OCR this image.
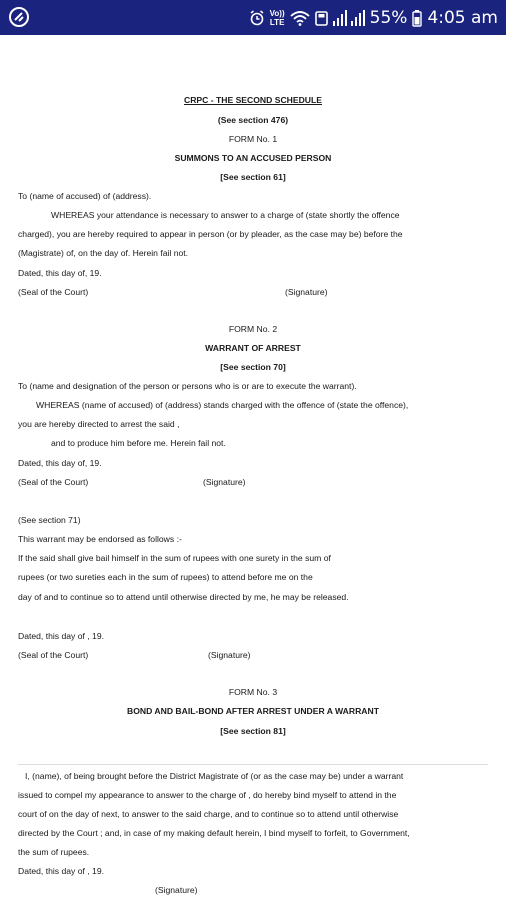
Vo))
LTE	55% 4:05 am
CRPC - THE SECOND SCHEDULE
(See section 476)
FORM No. 1
SUMMONS TO AN ACCUSED PERSON
[See section 61]
To (name of accused) of (address).
WHEREAS your attendance is necessary to answer to a charge of (state shortly the offence
charged), you are hereby required to appear in person (or by pleader, as the case may be) before the
(Magistrate) of, on the day of. Herein fail not.
Dated, this day of, 19.
(Seal of the Court)	(Signature)
FORM No. 2
WARRANT OF ARREST
[See section 70]
To (name and designation of the person or persons who is or are to execute the warrant).
WHEREAS (name of accused) of (address) stands charged with the offence of (state the offence),
you are hereby directed to arrest the said ,
and to produce him before me. Herein fail not.
Dated, this day of, 19.
(Seal of the Court)	(Signature)
(See section 71)
This warrant may be endorsed as follows :-
If the said shall give bail himself in the sum of rupees with one surety in the sum of
rupees (or two sureties each in the sum of rupees) to attend before me on the
day of and to continue so to attend until otherwise directed by me, he may be released.
Dated, this day of , 19.
(Seal of the Court)	(Signature)
FORM No. 3
BOND AND BAIL-BOND AFTER ARREST UNDER A WARRANT
[See section 81]
I, (name), of being brought before the District Magistrate of (or as the case may be) under a warrant
issued to compel my appearance to answer to the charge of , do hereby bind myself to attend in the
court of on the day of next, to answer to the said charge, and to continue so to attend until otherwise
directed by the Court ; and, in case of my making default herein, I bind myself to forfeit, to Government,
the sum of rupees.
Dated, this day of , 19.
(Signature)
